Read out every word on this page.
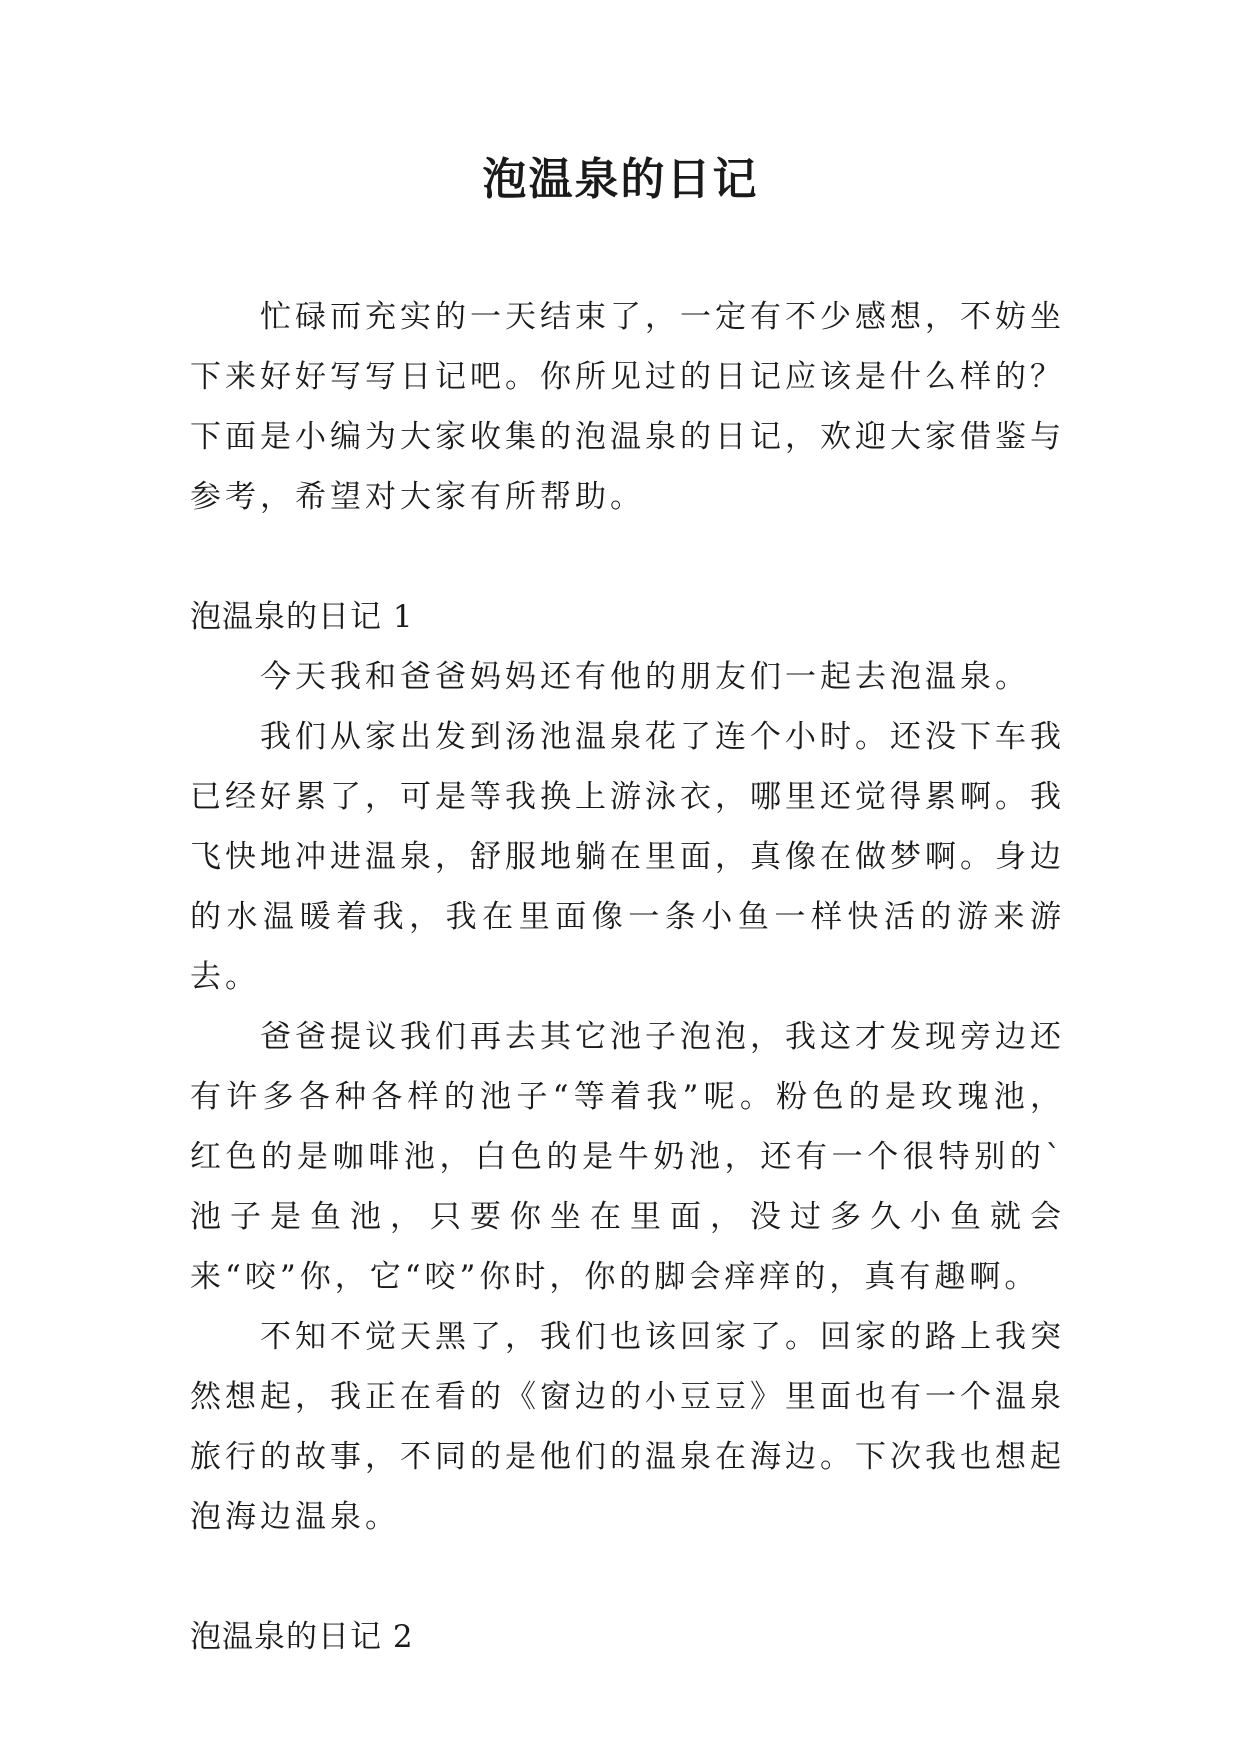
泡温泉的日记

忙碌而充实的一天结束了，一定有不少感想，不妨坐下来好好写写日记吧。你所见过的日记应该是什么样的？下面是小编为大家收集的泡温泉的日记，欢迎大家借鉴与参考，希望对大家有所帮助。

泡温泉的日记 1

今天我和爸爸妈妈还有他的朋友们一起去泡温泉。

我们从家出发到汤池温泉花了连个小时。还没下车我已经好累了，可是等我换上游泳衣，哪里还觉得累啊。我飞快地冲进温泉，舒服地躺在里面，真像在做梦啊。身边的水温暖着我，我在里面像一条小鱼一样快活的游来游去。

爸爸提议我们再去其它池子泡泡，我这才发现旁边还有许多各种各样的池子“等着我”呢。粉色的是玫瑰池，红色的是咖啡池，白色的是牛奶池，还有一个很特别的`池子是鱼池，只要你坐在里面，没过多久小鱼就会来“咬”你，它“咬”你时，你的脚会痒痒的，真有趣啊。

不知不觉天黑了，我们也该回家了。回家的路上我突然想起，我正在看的《窗边的小豆豆》里面也有一个温泉旅行的故事，不同的是他们的温泉在海边。下次我也想起泡海边温泉。

泡温泉的日记 2
